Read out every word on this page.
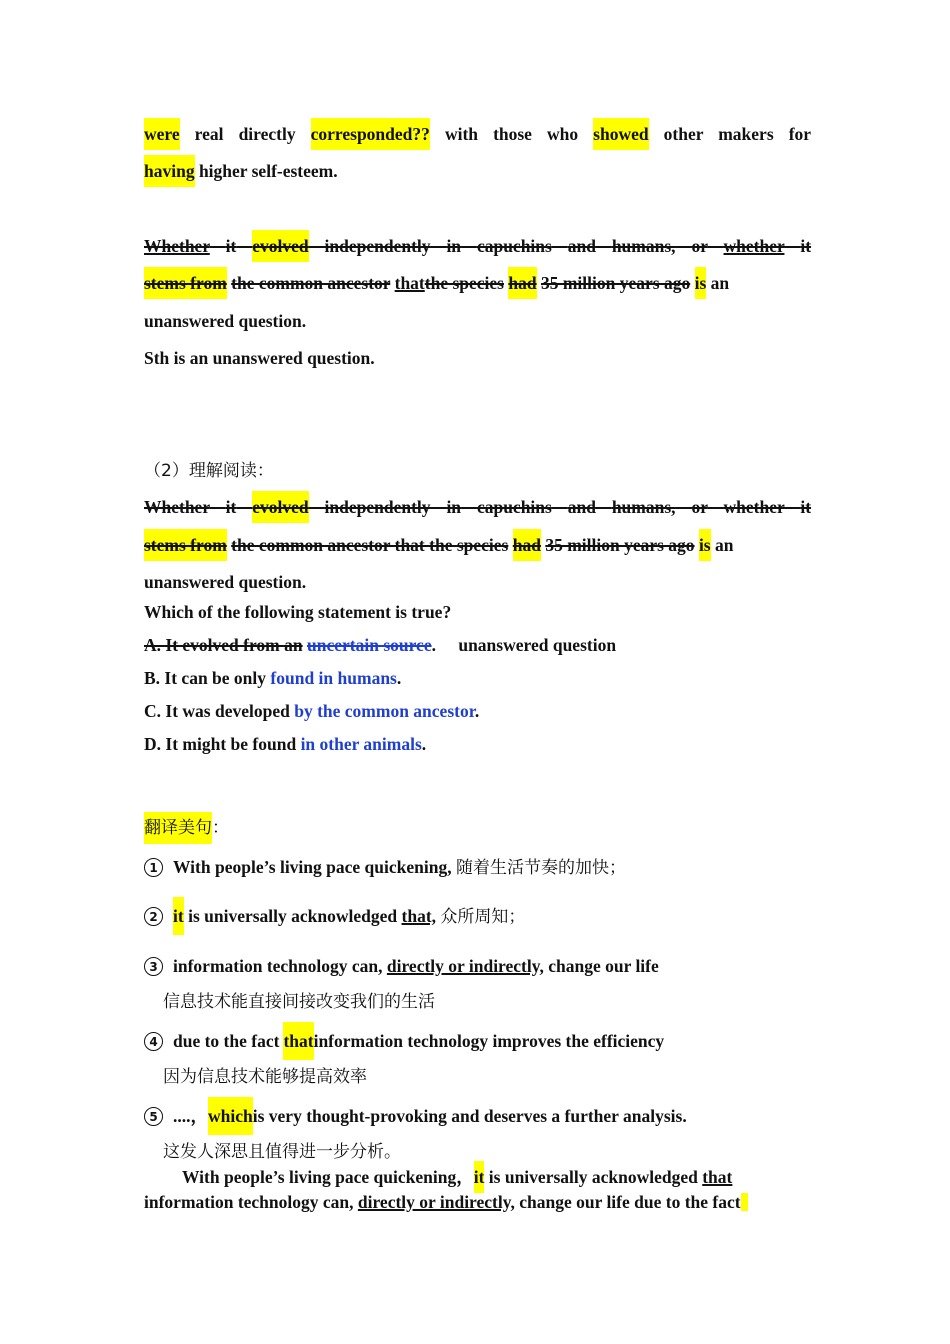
were real directly corresponded?? with those who showed other makers for
having higher self-esteem.
Whether it evolved independently in capuchins and humans, or whether it
stems from the common ancestor thatthe species had 35 million years ago is an
unanswered question.
Sth is an unanswered question.
（2）理解阅读：
Whether it evolved independently in capuchins and humans, or whether it
stems from the common ancestor that the species had 35 million years ago is an
unanswered question.
Which of the following statement is true?
A. It evolved from an uncertain source. unanswered question
B. It can be only found in humans.
C. It was developed by the common ancestor.
D. It might be found in other animals.
翻译美句：
1 With people’s living pace quickening, 随着生活节奏的加快；
2 it is universally acknowledged that, 众所周知；
3 information technology can, directly or indirectly, change our life
信息技术能直接间接改变我们的生活
4 due to the fact thatinformation technology improves the efficiency
因为信息技术能够提高效率
5 ....，whichis very thought-provoking and deserves a further analysis.
这发人深思且值得进一步分析。
With people’s living pace quickening，it is universally acknowledged that
information technology can, directly or indirectly, change our life due to the fact
